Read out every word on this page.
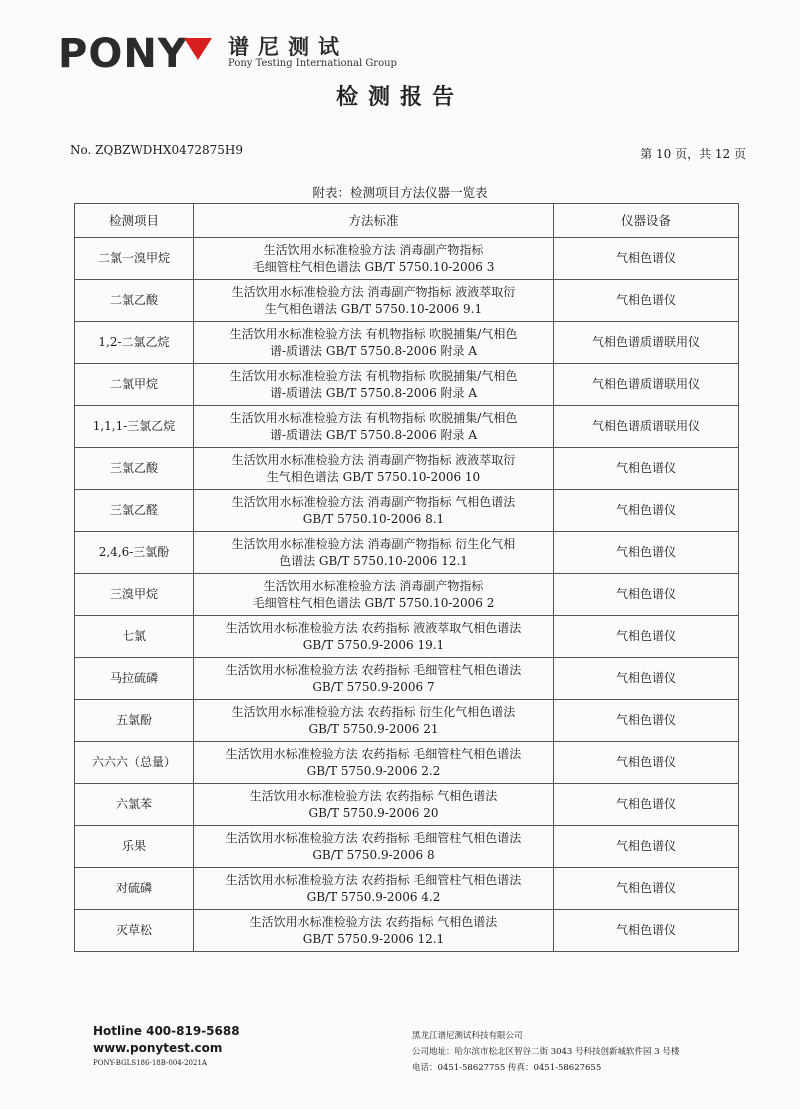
PONY	谱尼测试
Pony Testing International Group
检测报告
No. ZQBZWDHX0472875H9	第 10 页，共 12 页
附表：检测项目方法仪器一览表
检测项目	方法标准	仪器设备
二氯一溴甲烷	生活饮用水标准检验方法 消毒副产物指标
毛细管柱气相色谱法 GB/T 5750.10-2006 3	气相色谱仪
二氯乙酸	生活饮用水标准检验方法 消毒副产物指标 液液萃取衍
生气相色谱法 GB/T 5750.10-2006 9.1	气相色谱仪
1,2-二氯乙烷	生活饮用水标准检验方法 有机物指标 吹脱捕集/气相色
谱-质谱法 GB/T 5750.8-2006 附录 A	气相色谱质谱联用仪
二氯甲烷	生活饮用水标准检验方法 有机物指标 吹脱捕集/气相色
谱-质谱法 GB/T 5750.8-2006 附录 A	气相色谱质谱联用仪
1,1,1-三氯乙烷	生活饮用水标准检验方法 有机物指标 吹脱捕集/气相色
谱-质谱法 GB/T 5750.8-2006 附录 A	气相色谱质谱联用仪
三氯乙酸	生活饮用水标准检验方法 消毒副产物指标 液液萃取衍
生气相色谱法 GB/T 5750.10-2006 10	气相色谱仪
三氯乙醛	生活饮用水标准检验方法 消毒副产物指标 气相色谱法
GB/T 5750.10-2006 8.1	气相色谱仪
2,4,6-三氯酚	生活饮用水标准检验方法 消毒副产物指标 衍生化气相
色谱法 GB/T 5750.10-2006 12.1	气相色谱仪
三溴甲烷	生活饮用水标准检验方法 消毒副产物指标
毛细管柱气相色谱法 GB/T 5750.10-2006 2	气相色谱仪
七氯	生活饮用水标准检验方法 农药指标 液液萃取气相色谱法
GB/T 5750.9-2006 19.1	气相色谱仪
马拉硫磷	生活饮用水标准检验方法 农药指标 毛细管柱气相色谱法
GB/T 5750.9-2006 7	气相色谱仪
五氯酚	生活饮用水标准检验方法 农药指标 衍生化气相色谱法
GB/T 5750.9-2006 21	气相色谱仪
六六六（总量）	生活饮用水标准检验方法 农药指标 毛细管柱气相色谱法
GB/T 5750.9-2006 2.2	气相色谱仪
六氯苯	生活饮用水标准检验方法 农药指标 气相色谱法
GB/T 5750.9-2006 20	气相色谱仪
乐果	生活饮用水标准检验方法 农药指标 毛细管柱气相色谱法
GB/T 5750.9-2006 8	气相色谱仪
对硫磷	生活饮用水标准检验方法 农药指标 毛细管柱气相色谱法
GB/T 5750.9-2006 4.2	气相色谱仪
灭草松	生活饮用水标准检验方法 农药指标 气相色谱法
GB/T 5750.9-2006 12.1	气相色谱仪
Hotline 400-819-5688
www.ponytest.com
PONY-BGLS186-18B-004-2021A
黑龙江谱尼测试科技有限公司
公司地址：哈尔滨市松北区智谷二街 3043 号科技创新城软件园 3 号楼
电话：0451-58627755 传真：0451-58627655
